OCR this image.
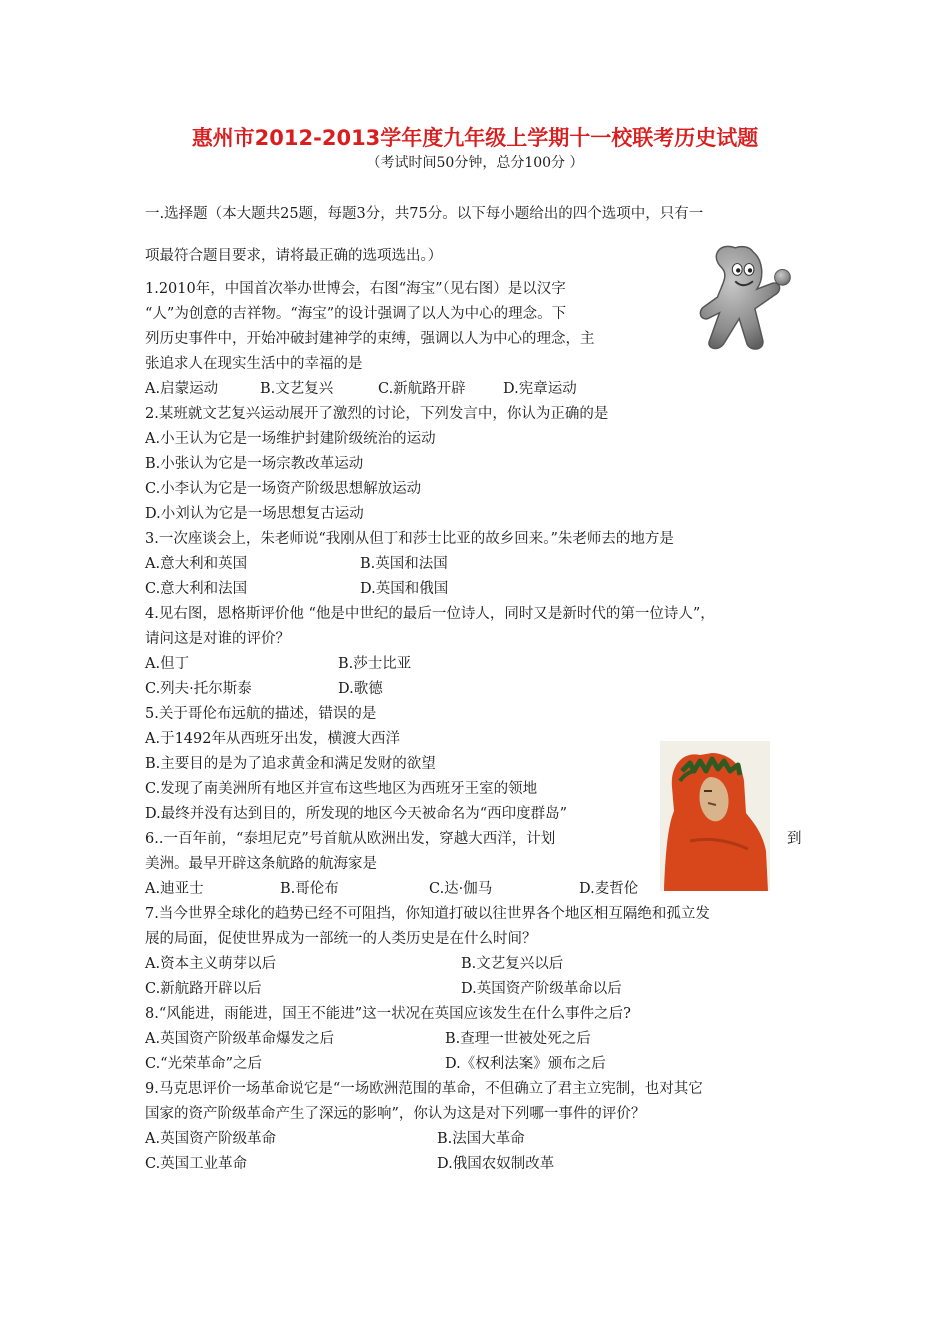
惠州市2012-2013学年度九年级上学期十一校联考历史试题
（考试时间50分钟，总分100分 ）
一.选择题（本大题共25题，每题3分，共75分。以下每小题给出的四个选项中，只有一
项最符合题目要求，请将最正确的选项选出。）
1.2010年，中国首次举办世博会，右图“海宝”（见右图）是以汉字
“人”为创意的吉祥物。“海宝”的设计强调了以人为中心的理念。下
列历史事件中，开始冲破封建神学的束缚，强调以人为中心的理念，主
张追求人在现实生活中的幸福的是
A.启蒙运动	B.文艺复兴	C.新航路开辟	D.宪章运动
2.某班就文艺复兴运动展开了激烈的讨论，下列发言中，你认为正确的是
A.小王认为它是一场维护封建阶级统治的运动
B.小张认为它是一场宗教改革运动
C.小李认为它是一场资产阶级思想解放运动
D.小刘认为它是一场思想复古运动
3.一次座谈会上，朱老师说“我刚从但丁和莎士比亚的故乡回来。”朱老师去的地方是
A.意大利和英国	B.英国和法国
C.意大利和法国	D.英国和俄国
4.见右图，恩格斯评价他 “他是中世纪的最后一位诗人，同时又是新时代的第一位诗人”，
请问这是对谁的评价？
A.但丁	B.莎士比亚
C.列夫·托尔斯泰	D.歌德
5.关于哥伦布远航的描述，错误的是
A.于1492年从西班牙出发，横渡大西洋
B.主要目的是为了追求黄金和满足发财的欲望
C.发现了南美洲所有地区并宣布这些地区为西班牙王室的领地
D.最终并没有达到目的，所发现的地区今天被命名为“西印度群岛”
6..一百年前，“泰坦尼克”号首航从欧洲出发，穿越大西洋，计划	到
美洲。最早开辟这条航路的航海家是
A.迪亚士	B.哥伦布	C.达·伽马	D.麦哲伦
7.当今世界全球化的趋势已经不可阻挡，你知道打破以往世界各个地区相互隔绝和孤立发
展的局面，促使世界成为一部统一的人类历史是在什么时间？
A.资本主义萌芽以后	B.文艺复兴以后
C.新航路开辟以后	D.英国资产阶级革命以后
8.“风能进，雨能进，国王不能进”这一状况在英国应该发生在什么事件之后?
A.英国资产阶级革命爆发之后	B.查理一世被处死之后
C.“光荣革命”之后	D.《权利法案》颁布之后
9.马克思评价一场革命说它是“一场欧洲范围的革命，不但确立了君主立宪制，也对其它
国家的资产阶级革命产生了深远的影响”，你认为这是对下列哪一事件的评价？
A.英国资产阶级革命	B.法国大革命
C.英国工业革命	D.俄国农奴制改革
